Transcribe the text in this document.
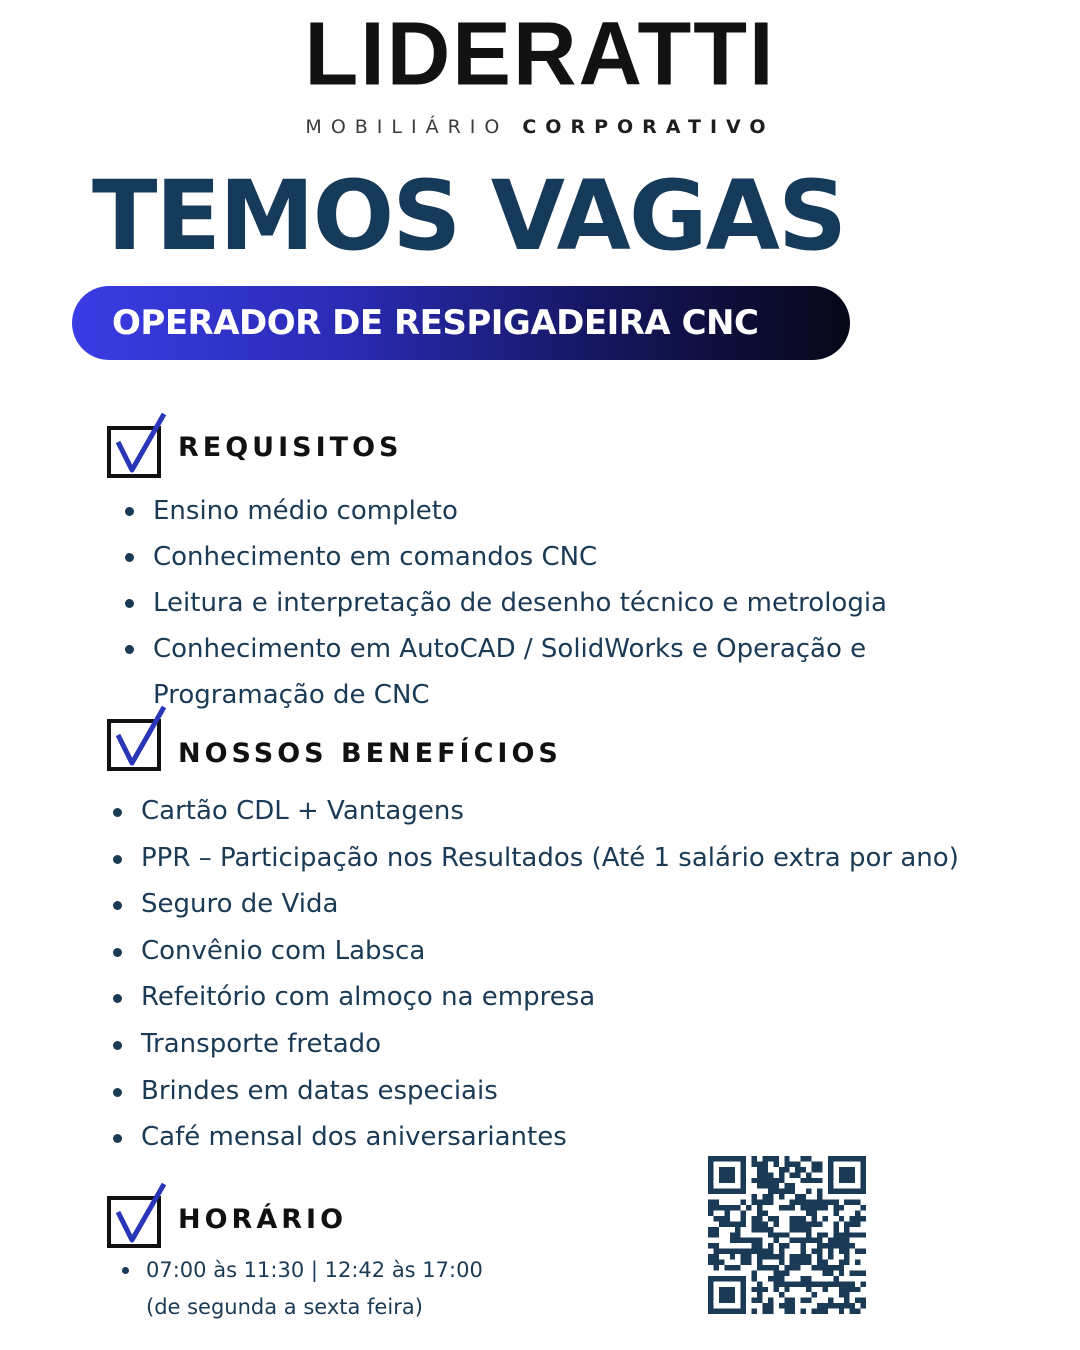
LIDERATTI
MOBILIÁRIO CORPORATIVO
TEMOS VAGAS
OPERADOR DE RESPIGADEIRA CNC
REQUISITOS
Ensino médio completo
Conhecimento em comandos CNC
Leitura e interpretação de desenho técnico e metrologia
Conhecimento em AutoCAD / SolidWorks e Operação e Programação de CNC
NOSSOS BENEFÍCIOS
Cartão CDL + Vantagens
PPR – Participação nos Resultados (Até 1 salário extra por ano)
Seguro de Vida
Convênio com Labsca
Refeitório com almoço na empresa
Transporte fretado
Brindes em datas especiais
Café mensal dos aniversariantes
HORÁRIO
07:00 às 11:30 | 12:42 às 17:00
(de segunda a sexta feira)
